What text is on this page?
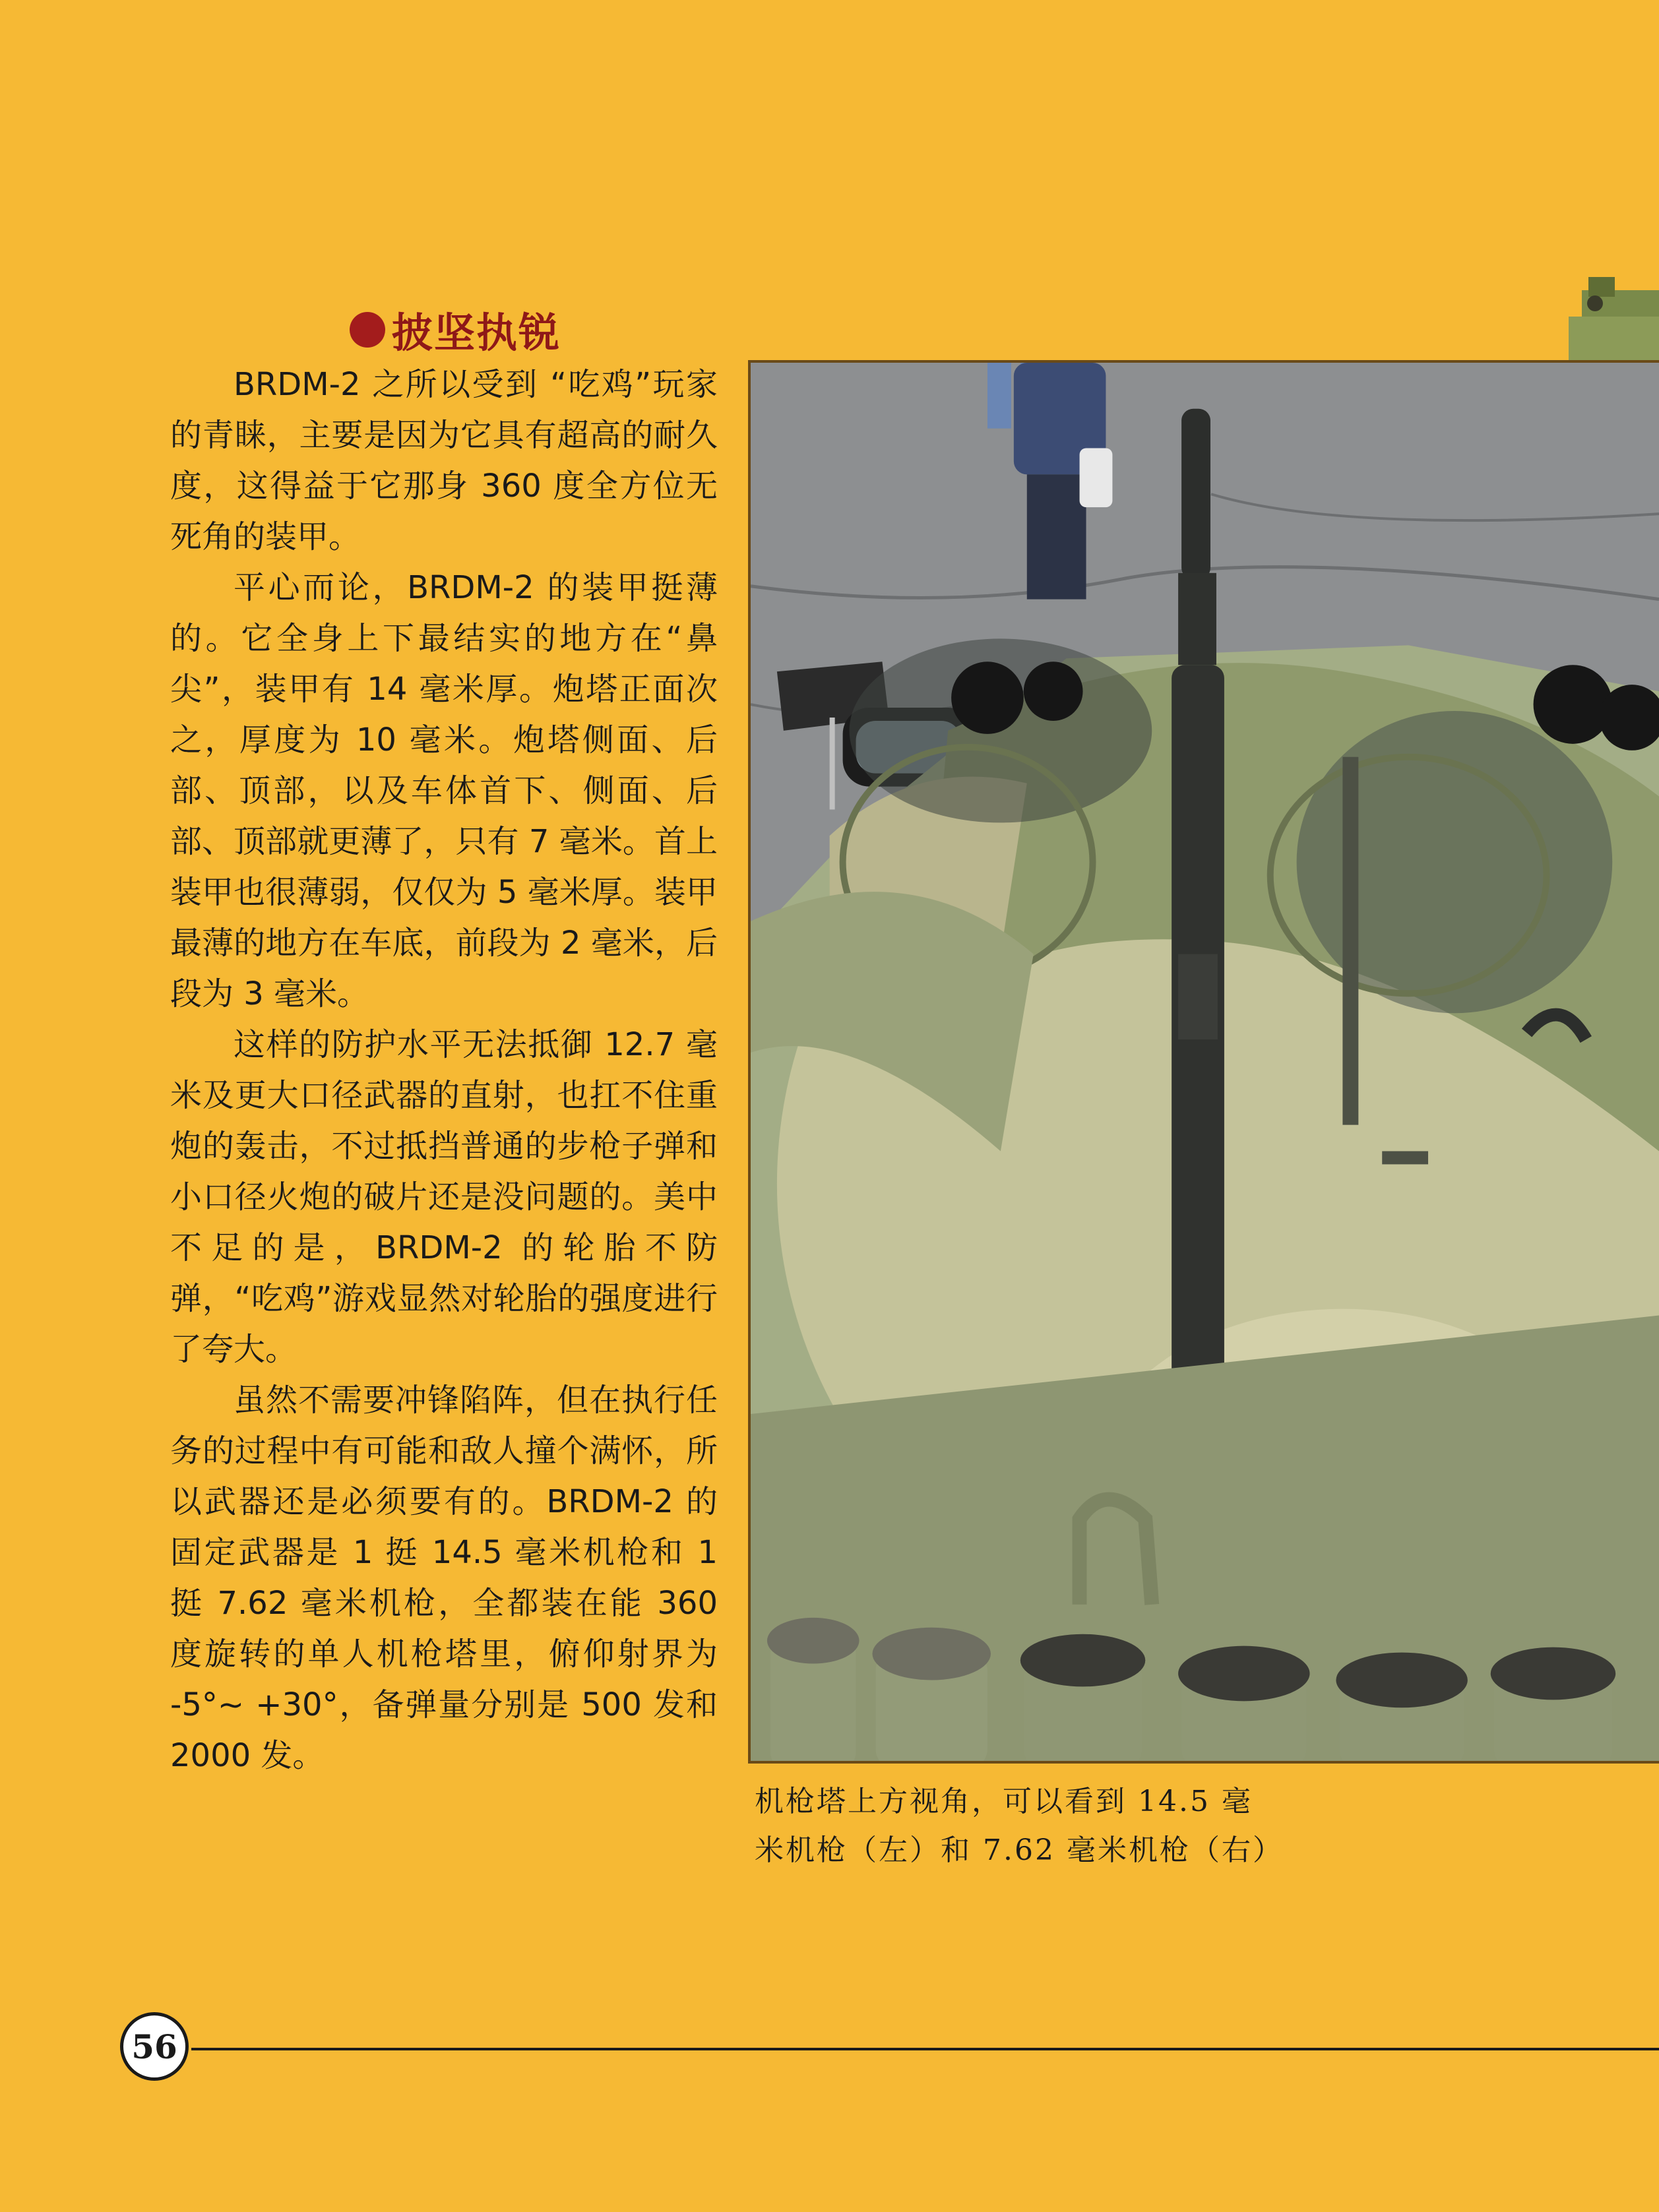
披坚执锐

BRDM-2 之所以受到 “吃鸡”玩家的青睐，主要是因为它具有超高的耐久度，这得益于它那身 360 度全方位无死角的装甲。

平心而论，BRDM-2 的装甲挺薄的。它全身上下最结实的地方在“鼻尖”，装甲有 14 毫米厚。炮塔正面次之，厚度为 10 毫米。炮塔侧面、后部、顶部，以及车体首下、侧面、后部、顶部就更薄了，只有 7 毫米。首上装甲也很薄弱，仅仅为 5 毫米厚。装甲最薄的地方在车底，前段为 2 毫米，后段为 3 毫米。

这样的防护水平无法抵御 12.7 毫米及更大口径武器的直射，也扛不住重炮的轰击，不过抵挡普通的步枪子弹和小口径火炮的破片还是没问题的。美中不足的是，BRDM-2 的轮胎不防弹，“吃鸡”游戏显然对轮胎的强度进行了夸大。

虽然不需要冲锋陷阵，但在执行任务的过程中有可能和敌人撞个满怀，所以武器还是必须要有的。BRDM-2 的固定武器是 1 挺 14.5 毫米机枪和 1 挺 7.62 毫米机枪，全都装在能 360 度旋转的单人机枪塔里，俯仰射界为 -5°~ +30°，备弹量分别是 500 发和 2000 发。

机枪塔上方视角，可以看到 14.5 毫
米机枪（左）和 7.62 毫米机枪（右）
56
